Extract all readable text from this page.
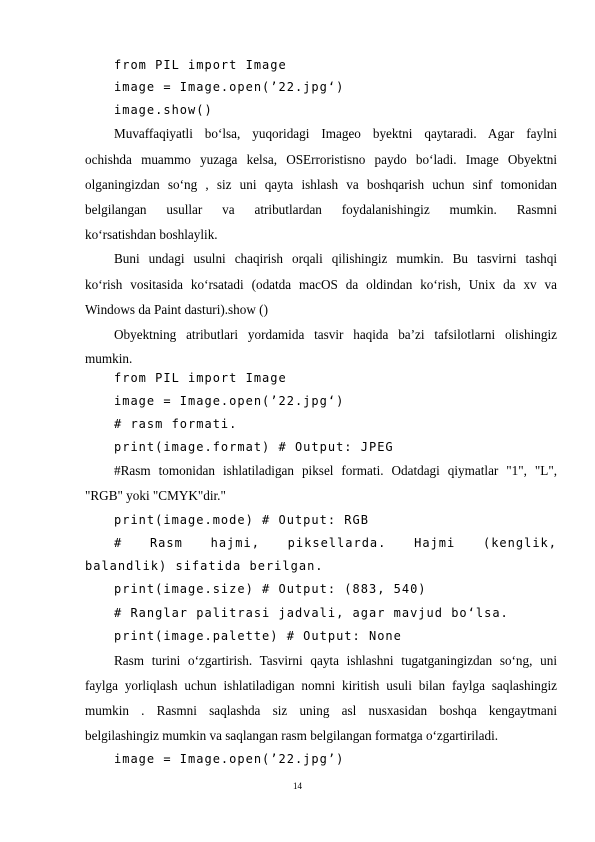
from PIL import Image
image = Image.open(’22.jpg‘)
image.show()
Muvaffaqiyatli bo‘lsa, yuqoridagi Imageo byektni qaytaradi. Agar faylni
ochishda muammo yuzaga kelsa, OSErroristisno paydo bo‘ladi. Image Obyektni
olganingizdan so‘ng , siz uni qayta ishlash va boshqarish uchun sinf tomonidan
belgilangan usullar va atributlardan foydalanishingiz mumkin. Rasmni
ko‘rsatishdan boshlaylik.
Buni undagi usulni chaqirish orqali qilishingiz mumkin. Bu tasvirni tashqi
ko‘rish vositasida ko‘rsatadi (odatda macOS da oldindan ko‘rish, Unix da xv va
Windows da Paint dasturi).show ()
Obyektning atributlari yordamida tasvir haqida ba’zi tafsilotlarni olishingiz
mumkin.
from PIL import Image
image = Image.open(’22.jpg‘)
# rasm formati.
print(image.format) # Output: JPEG
#Rasm tomonidan ishlatiladigan piksel formati. Odatdagi qiymatlar "1", "L",
"RGB" yoki "CMYK"dir."
print(image.mode) # Output: RGB
# Rasm hajmi, piksellarda. Hajmi (kenglik,
balandlik) sifatida berilgan.
print(image.size) # Output: (883, 540)
# Ranglar palitrasi jadvali, agar mavjud bo‘lsa.
print(image.palette) # Output: None
Rasm turini o‘zgartirish. Tasvirni qayta ishlashni tugatganingizdan so‘ng, uni
faylga yorliqlash uchun ishlatiladigan nomni kiritish usuli bilan faylga saqlashingiz
mumkin . Rasmni saqlashda siz uning asl nusxasidan boshqa kengaytmani
belgilashingiz mumkin va saqlangan rasm belgilangan formatga o‘zgartiriladi.
image = Image.open(’22.jpg’)
14
